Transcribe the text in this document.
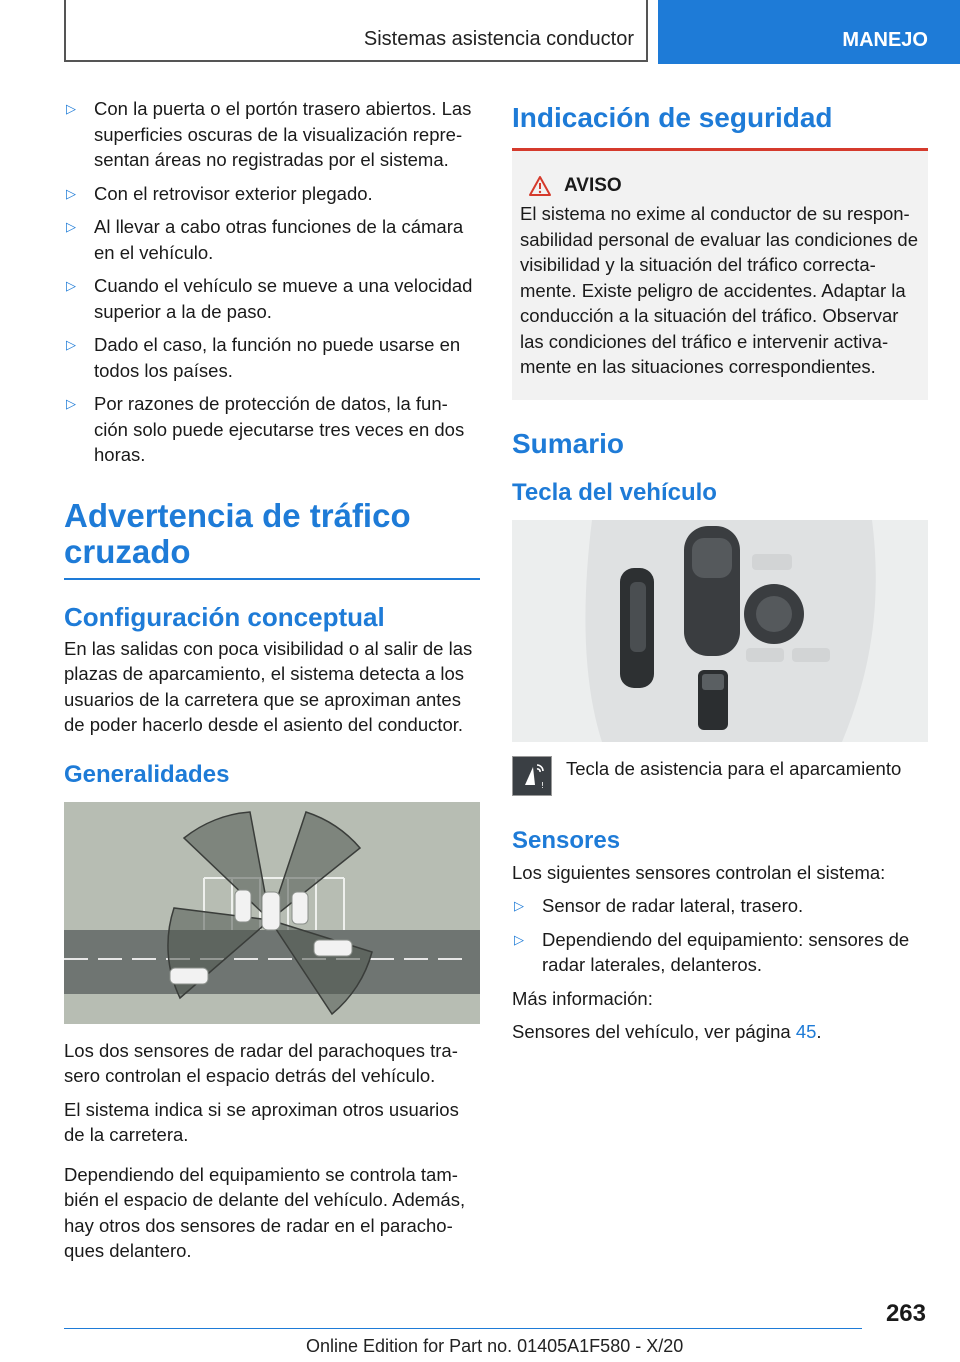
Sistemas asistencia conductor	MANEJO
▷ Con la puerta o el portón trasero abiertos. Las superficies oscuras de la visualización repre-sentan áreas no registradas por el sistema.
▷ Con el retrovisor exterior plegado.
▷ Al llevar a cabo otras funciones de la cámara en el vehículo.
▷ Cuando el vehículo se mueve a una velocidad superior a la de paso.
▷ Dado el caso, la función no puede usarse en todos los países.
▷ Por razones de protección de datos, la fun-ción solo puede ejecutarse tres veces en dos horas.
Advertencia de tráfico cruzado
Configuración conceptual

En las salidas con poca visibilidad o al salir de las plazas de aparcamiento, el sistema detecta a los usuarios de la carretera que se aproximan antes de poder hacerlo desde el asiento del conductor.

Generalidades

Los dos sensores de radar del parachoques tra-sero controlan el espacio detrás del vehículo.

El sistema indica si se aproximan otros usuarios de la carretera.

Dependiendo del equipamiento se controla tam-bién el espacio de delante del vehículo. Además, hay otros dos sensores de radar en el paracho-ques delantero.

Indicación de seguridad
AVISO
El sistema no exime al conductor de su respon-sabilidad personal de evaluar las condiciones de visibilidad y la situación del tráfico correcta-mente. Existe peligro de accidentes. Adaptar la conducción a la situación del tráfico. Observar las condiciones del tráfico e intervenir activa-mente en las situaciones correspondientes.
Sumario
Tecla del vehículo
!
Tecla de asistencia para el aparcamiento
Sensores

Los siguientes sensores controlan el sistema:

▷ Sensor de radar lateral, trasero.
▷ Dependiendo del equipamiento: sensores de radar laterales, delanteros.

Más información:

Sensores del vehículo, ver página 45.

263
Online Edition for Part no. 01405A1F580 - X/20
